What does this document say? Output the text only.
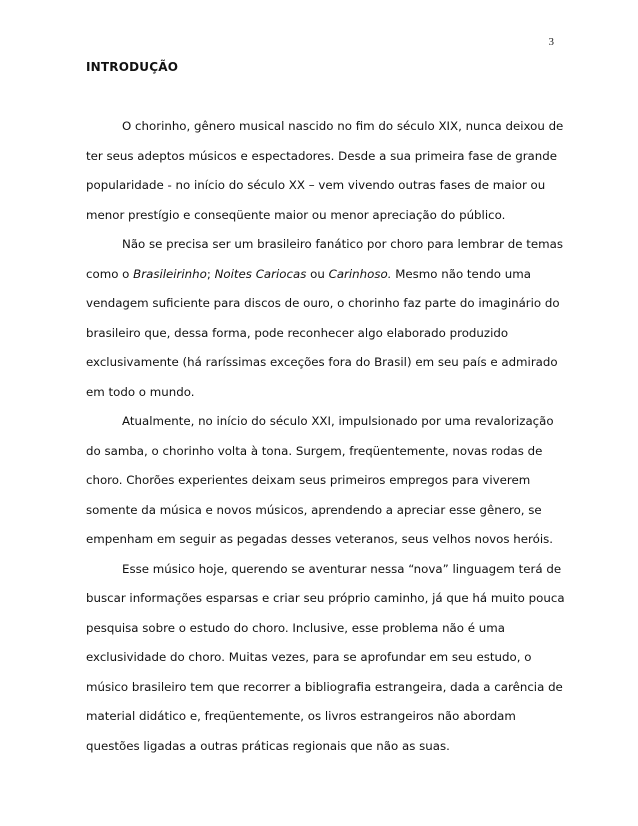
3
INTRODUÇÃO
O chorinho, gênero musical nascido no fim do século XIX, nunca deixou de
ter seus adeptos músicos e espectadores. Desde a sua primeira fase de grande
popularidade - no início do século XX – vem vivendo outras fases de maior ou
menor prestígio e conseqüente maior ou menor apreciação do público.
Não se precisa ser um brasileiro fanático por choro para lembrar de temas
como o Brasileirinho; Noites Cariocas ou Carinhoso. Mesmo não tendo uma
vendagem suficiente para discos de ouro, o chorinho faz parte do imaginário do
brasileiro que, dessa forma, pode reconhecer algo elaborado produzido
exclusivamente (há raríssimas exceções fora do Brasil) em seu país e admirado
em todo o mundo.
Atualmente, no início do século XXI, impulsionado por uma revalorização
do samba, o chorinho volta à tona. Surgem, freqüentemente, novas rodas de
choro. Chorões experientes deixam seus primeiros empregos para viverem
somente da música e novos músicos, aprendendo a apreciar esse gênero, se
empenham em seguir as pegadas desses veteranos, seus velhos novos heróis.
Esse músico hoje, querendo se aventurar nessa “nova” linguagem terá de
buscar informações esparsas e criar seu próprio caminho, já que há muito pouca
pesquisa sobre o estudo do choro. Inclusive, esse problema não é uma
exclusividade do choro. Muitas vezes, para se aprofundar em seu estudo, o
músico brasileiro tem que recorrer a bibliografia estrangeira, dada a carência de
material didático e, freqüentemente, os livros estrangeiros não abordam
questões ligadas a outras práticas regionais que não as suas.
